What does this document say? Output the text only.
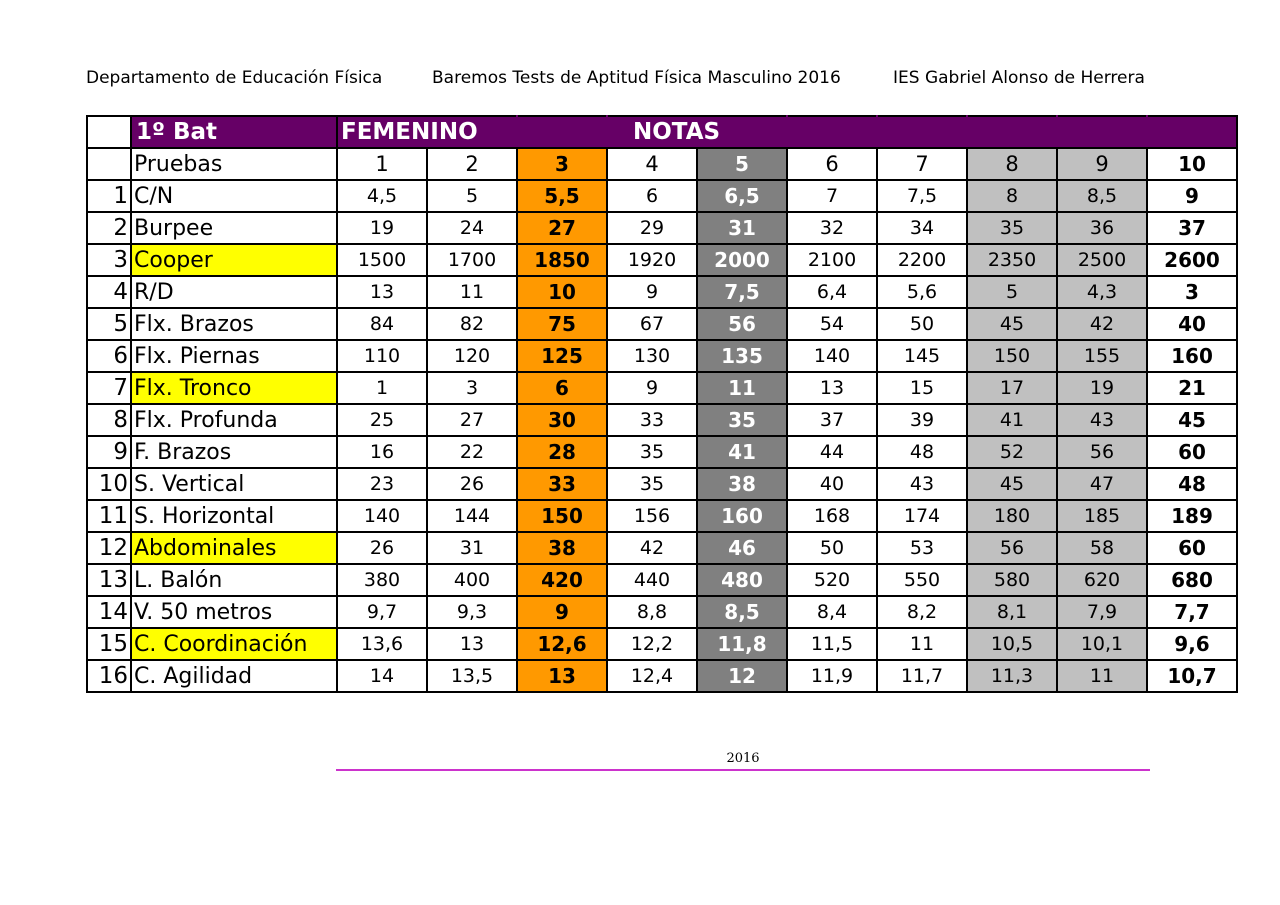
Departamento de Educación Física	Baremos Tests de Aptitud Física Masculino 2016	IES Gabriel Alonso de Herrera
	1º Bat	FEMENINO			NOTAS						
	Pruebas	1	2	3	4	5	6	7	8	9	10
1	C/N	4,5	5	5,5	6	6,5	7	7,5	8	8,5	9
2	Burpee	19	24	27	29	31	32	34	35	36	37
3	Cooper	1500	1700	1850	1920	2000	2100	2200	2350	2500	2600
4	R/D	13	11	10	9	7,5	6,4	5,6	5	4,3	3
5	Flx. Brazos	84	82	75	67	56	54	50	45	42	40
6	Flx. Piernas	110	120	125	130	135	140	145	150	155	160
7	Flx. Tronco	1	3	6	9	11	13	15	17	19	21
8	Flx. Profunda	25	27	30	33	35	37	39	41	43	45
9	F. Brazos	16	22	28	35	41	44	48	52	56	60
10	S. Vertical	23	26	33	35	38	40	43	45	47	48
11	S. Horizontal	140	144	150	156	160	168	174	180	185	189
12	Abdominales	26	31	38	42	46	50	53	56	58	60
13	L. Balón	380	400	420	440	480	520	550	580	620	680
14	V. 50 metros	9,7	9,3	9	8,8	8,5	8,4	8,2	8,1	7,9	7,7
15	C. Coordinación	13,6	13	12,6	12,2	11,8	11,5	11	10,5	10,1	9,6
16	C. Agilidad	14	13,5	13	12,4	12	11,9	11,7	11,3	11	10,7
2016
